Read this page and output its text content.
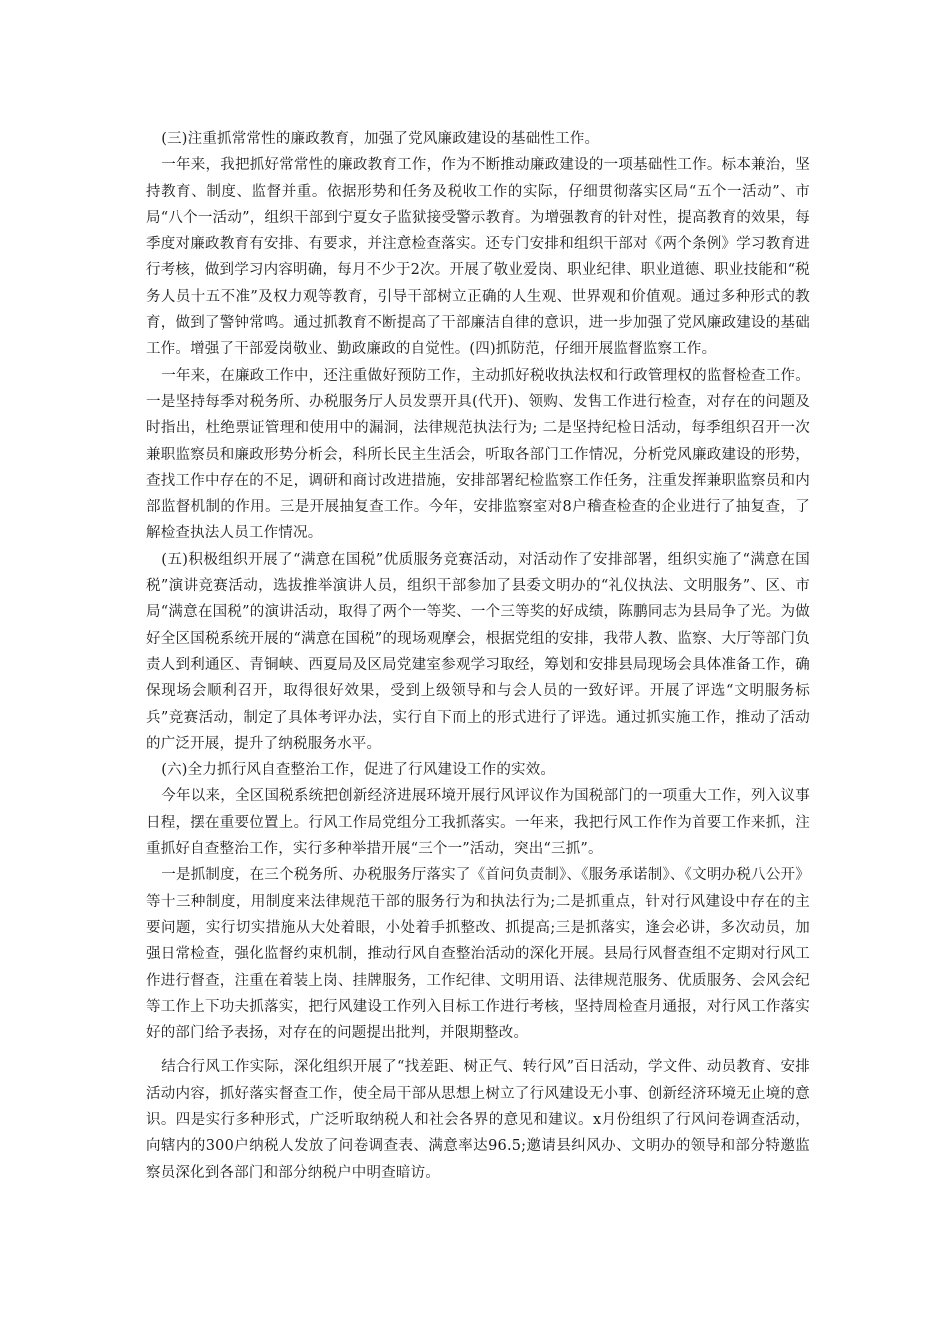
(三)注重抓常常性的廉政教育，加强了党风廉政建设的基础性工作。

一年来，我把抓好常常性的廉政教育工作，作为不断推动廉政建设的一项基础性工作。标本兼治，坚持教育、制度、监督并重。依据形势和任务及税收工作的实际，仔细贯彻落实区局“五个一活动”、市局“八个一活动”，组织干部到宁夏女子监狱接受警示教育。为增强教育的针对性，提高教育的效果，每季度对廉政教育有安排、有要求，并注意检查落实。还专门安排和组织干部对《两个条例》学习教育进行考核，做到学习内容明确，每月不少于2次。开展了敬业爱岗、职业纪律、职业道德、职业技能和“税务人员十五不准”及权力观等教育，引导干部树立正确的人生观、世界观和价值观。通过多种形式的教育，做到了警钟常鸣。通过抓教育不断提高了干部廉洁自律的意识，进一步加强了党风廉政建设的基础工作。增强了干部爱岗敬业、勤政廉政的自觉性。(四)抓防范，仔细开展监督监察工作。

一年来，在廉政工作中，还注重做好预防工作，主动抓好税收执法权和行政管理权的监督检查工作。 一是坚持每季对税务所、办税服务厅人员发票开具(代开)、领购、发售工作进行检查，对存在的问题及时指出，杜绝票证管理和使用中的漏洞，法律规范执法行为; 二是坚持纪检日活动，每季组织召开一次兼职监察员和廉政形势分析会，科所长民主生活会，听取各部门工作情况，分析党风廉政建设的形势，查找工作中存在的不足，调研和商讨改进措施，安排部署纪检监察工作任务，注重发挥兼职监察员和内部监督机制的作用。三是开展抽复查工作。今年，安排监察室对8户稽查检查的企业进行了抽复查，了解检查执法人员工作情况。

(五)积极组织开展了“满意在国税”优质服务竞赛活动，对活动作了安排部署，组织实施了“满意在国税”演讲竞赛活动，选拔推举演讲人员，组织干部参加了县委文明办的“礼仪执法、文明服务”、区、市局“满意在国税”的演讲活动，取得了两个一等奖、一个三等奖的好成绩，陈鹏同志为县局争了光。为做好全区国税系统开展的“满意在国税”的现场观摩会，根据党组的安排，我带人教、监察、大厅等部门负责人到利通区、青铜峡、西夏局及区局党建室参观学习取经，筹划和安排县局现场会具体准备工作，确保现场会顺利召开，取得很好效果，受到上级领导和与会人员的一致好评。开展了评选“文明服务标兵”竞赛活动，制定了具体考评办法，实行自下而上的形式进行了评选。通过抓实施工作，推动了活动的广泛开展，提升了纳税服务水平。

(六)全力抓行风自查整治工作，促进了行风建设工作的实效。

今年以来，全区国税系统把创新经济进展环境开展行风评议作为国税部门的一项重大工作，列入议事日程，摆在重要位置上。行风工作局党组分工我抓落实。一年来，我把行风工作作为首要工作来抓，注重抓好自查整治工作，实行多种举措开展“三个一”活动，突出“三抓”。

一是抓制度，在三个税务所、办税服务厅落实了《首问负责制》、《服务承诺制》、《文明办税八公开》等十三种制度，用制度来法律规范干部的服务行为和执法行为;二是抓重点，针对行风建设中存在的主要问题，实行切实措施从大处着眼，小处着手抓整改、抓提高;三是抓落实，逢会必讲，多次动员，加强日常检查，强化监督约束机制，推动行风自查整治活动的深化开展。县局行风督查组不定期对行风工作进行督查，注重在着装上岗、挂牌服务，工作纪律、文明用语、法律规范服务、优质服务、会风会纪等工作上下功夫抓落实，把行风建设工作列入目标工作进行考核，坚持周检查月通报，对行风工作落实好的部门给予表扬，对存在的问题提出批判，并限期整改。

结合行风工作实际，深化组织开展了“找差距、树正气、转行风”百日活动，学文件、动员教育、安排活动内容，抓好落实督查工作，使全局干部从思想上树立了行风建设无小事、创新经济环境无止境的意识。四是实行多种形式，广泛听取纳税人和社会各界的意见和建议。x月份组织了行风问卷调查活动，向辖内的300户纳税人发放了问卷调查表、满意率达96.5;邀请县纠风办、文明办的领导和部分特邀监察员深化到各部门和部分纳税户中明查暗访。
